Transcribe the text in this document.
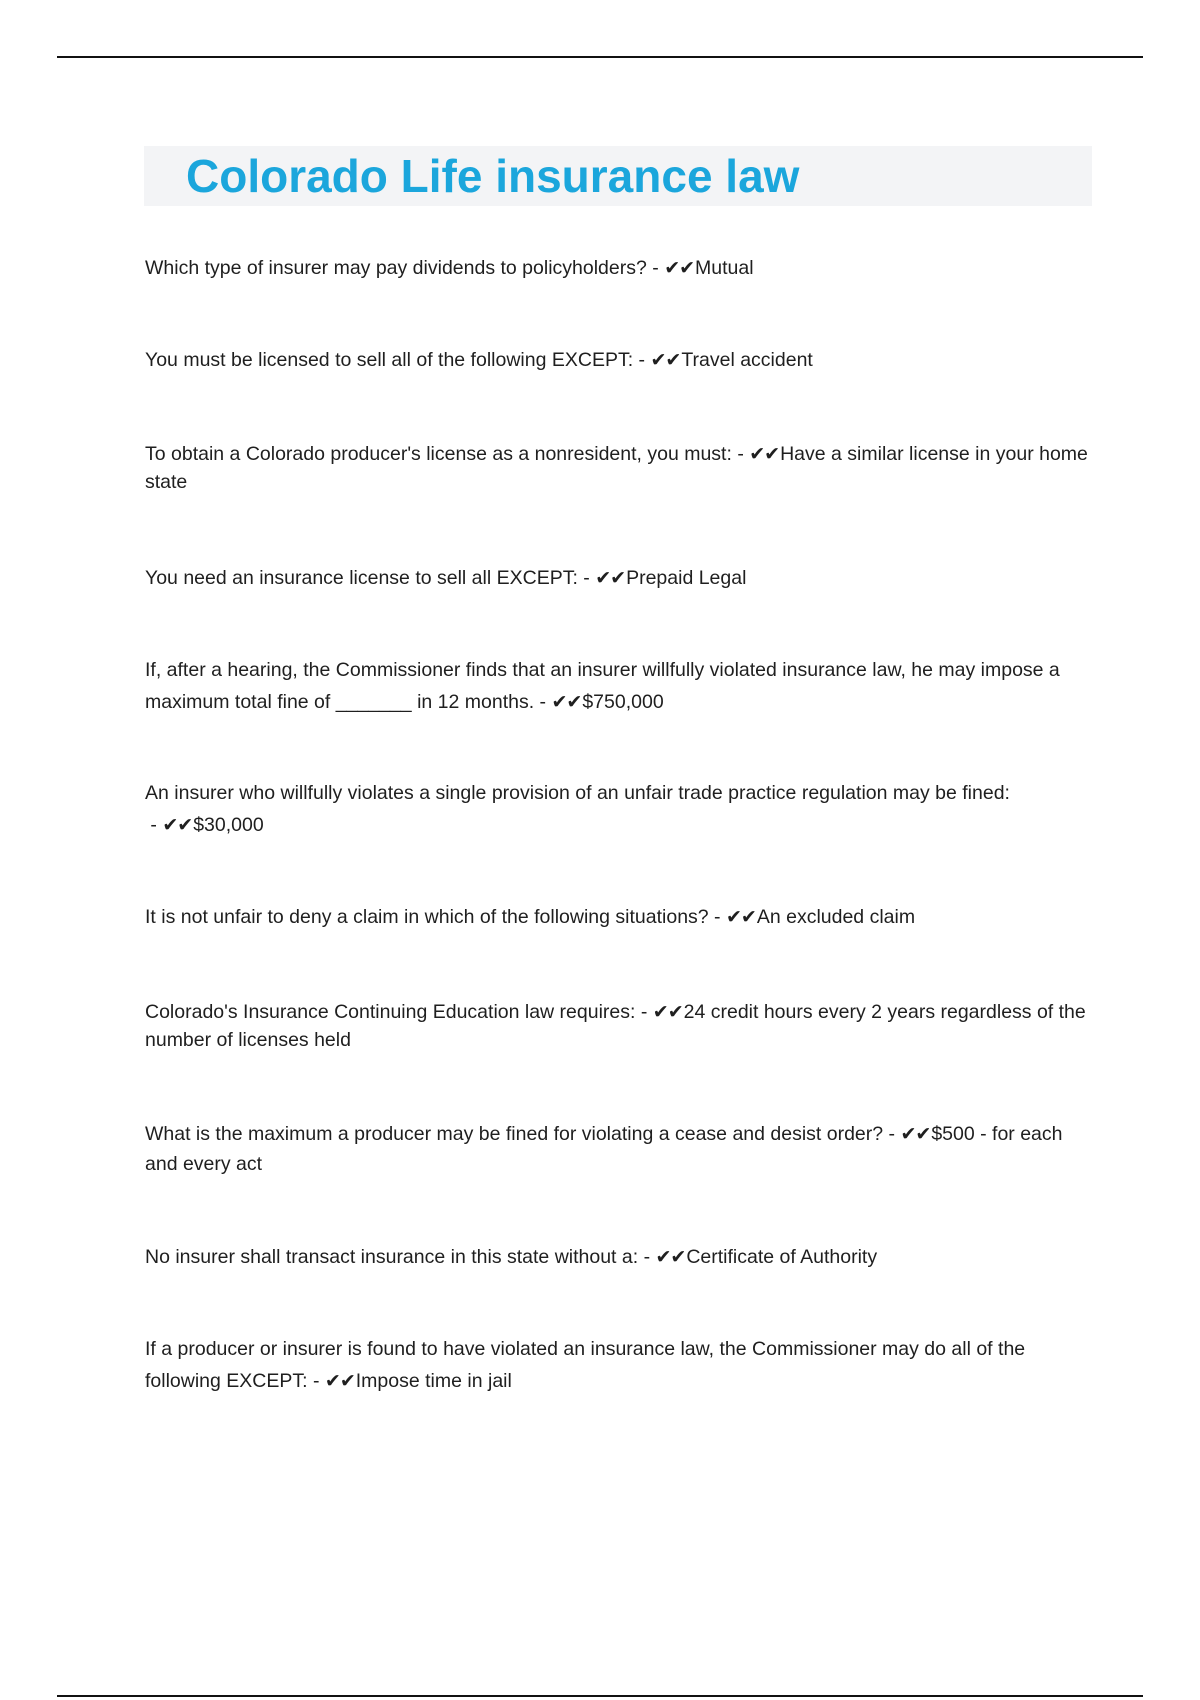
Colorado Life insurance law
Which type of insurer may pay dividends to policyholders? - ✔✔Mutual
You must be licensed to sell all of the following EXCEPT: - ✔✔Travel accident
To obtain a Colorado producer's license as a nonresident, you must: - ✔✔Have a similar license in your home state
You need an insurance license to sell all EXCEPT: - ✔✔Prepaid Legal
If, after a hearing, the Commissioner finds that an insurer willfully violated insurance law, he may impose a maximum total fine of _______ in 12 months. - ✔✔$750,000
An insurer who willfully violates a single provision of an unfair trade practice regulation may be fined: - ✔✔$30,000
It is not unfair to deny a claim in which of the following situations? - ✔✔An excluded claim
Colorado's Insurance Continuing Education law requires: - ✔✔24 credit hours every 2 years regardless of the number of licenses held
What is the maximum a producer may be fined for violating a cease and desist order? - ✔✔$500 - for each and every act
No insurer shall transact insurance in this state without a: - ✔✔Certificate of Authority
If a producer or insurer is found to have violated an insurance law, the Commissioner may do all of the following EXCEPT: - ✔✔Impose time in jail
